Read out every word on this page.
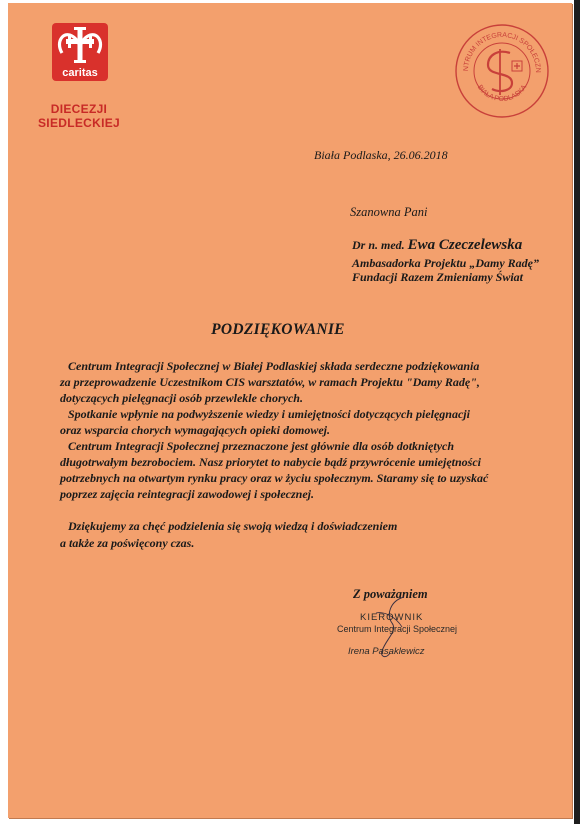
caritas
DIECEZJI
SIEDLECKIEJ
NTRUM INTEGRACJI SPOŁECZN
BIAŁA PODLASKA
Biała Podlaska, 26.06.2018
Szanowna Pani
Dr n. med. Ewa Czeczelewska
Ambasadorka Projektu „Damy Radę”
Fundacji Razem Zmieniamy Świat
PODZIĘKOWANIE
Centrum Integracji Społecznej w Białej Podlaskiej składa serdeczne podziękowania
za przeprowadzenie Uczestnikom CIS warsztatów, w ramach Projektu "Damy Radę",
dotyczących pielęgnacji osób przewlekle chorych.
Spotkanie wpłynie na podwyższenie wiedzy i umiejętności dotyczących pielęgnacji
oraz wsparcia chorych wymagających opieki domowej.
Centrum Integracji Społecznej przeznaczone jest głównie dla osób dotkniętych
długotrwałym bezrobociem. Nasz priorytet to nabycie bądź przywrócenie umiejętności
potrzebnych na otwartym rynku pracy oraz w życiu społecznym. Staramy się to uzyskać
poprzez zajęcia reintegracji zawodowej i społecznej.
Dziękujemy za chęć podzielenia się swoją wiedzą i doświadczeniem
a także za poświęcony czas.
Z poważaniem
KIEROWNIK
Centrum Integracji Społecznej
Irena Pasaklewicz
